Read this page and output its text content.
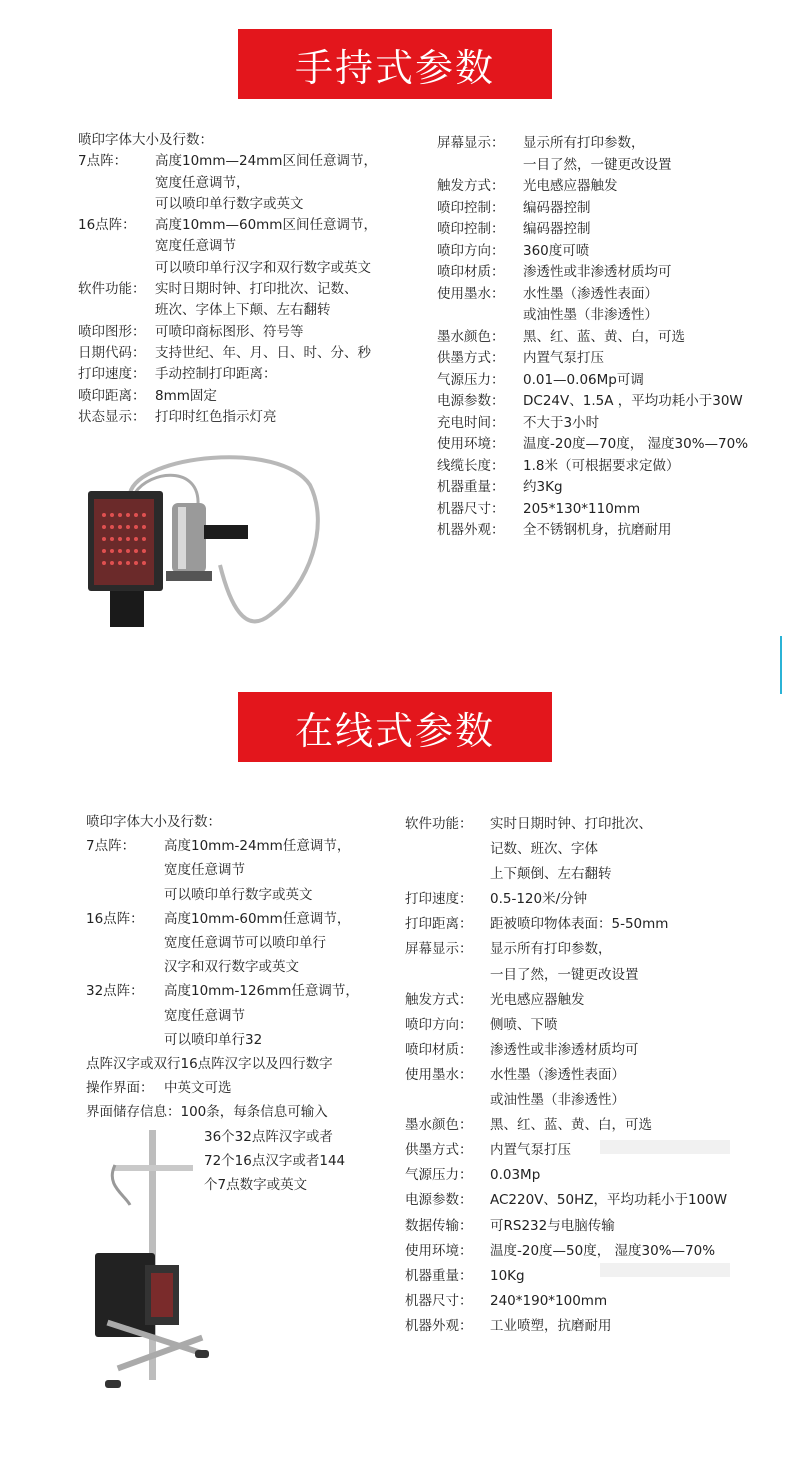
手持式参数
喷印字体大小及行数：
7点阵：	高度10mm—24mm区间任意调节，
宽度任意调节，
可以喷印单行数字或英文
16点阵：	高度10mm—60mm区间任意调节，
宽度任意调节
可以喷印单行汉字和双行数字或英文
软件功能： 实时日期时钟、打印批次、记数、
班次、字体上下颠、左右翻转
喷印图形： 可喷印商标图形、符号等
日期代码： 支持世纪、年、月、日、时、分、秒
打印速度： 手动控制打印距离：
喷印距离： 8mm固定
状态显示： 打印时红色指示灯亮
屏幕显示：	显示所有打印参数，
一目了然，一键更改设置
触发方式：	光电感应器触发
喷印控制：	编码器控制
喷印控制：	编码器控制
喷印方向：	360度可喷
喷印材质：	渗透性或非渗透材质均可
使用墨水：	水性墨（渗透性表面）
或油性墨（非渗透性）
墨水颜色：	黑、红、蓝、黄、白，可选
供墨方式：	内置气泵打压
气源压力：	0.01—0.06Mp可调
电源参数：	DC24V、1.5A ，平均功耗小于30W
充电时间：	不大于3小时
使用环境：	温度-20度—70度， 湿度30%—70%
线缆长度：	1.8米（可根据要求定做）
机器重量：	约3Kg
机器尺寸：	205*130*110mm
机器外观：	全不锈钢机身，抗磨耐用
在线式参数
喷印字体大小及行数：
7点阵：	高度10mm-24mm任意调节，
宽度任意调节
可以喷印单行数字或英文
16点阵：	高度10mm-60mm任意调节，
宽度任意调节可以喷印单行
汉字和双行数字或英文
32点阵：	高度10mm-126mm任意调节，
宽度任意调节
可以喷印单行32
点阵汉字或双行16点阵汉字以及四行数字
操作界面： 中英文可选
界面储存信息： 100条，每条信息可输入
36个32点阵汉字或者
72个16点汉字或者144
个7点数字或英文
软件功能：	实时日期时钟、打印批次、
记数、班次、字体
上下颠倒、左右翻转
打印速度：	0.5-120米/分钟
打印距离：	距被喷印物体表面：5-50mm
屏幕显示：	显示所有打印参数，
一目了然，一键更改设置
触发方式：	光电感应器触发
喷印方向：	侧喷、下喷
喷印材质：	渗透性或非渗透材质均可
使用墨水：	水性墨（渗透性表面）
或油性墨（非渗透性）
墨水颜色：	黑、红、蓝、黄、白，可选
供墨方式：	内置气泵打压
气源压力：	0.03Mp
电源参数：	AC220V、50HZ，平均功耗小于100W
数据传输：	可RS232与电脑传输
使用环境：	温度-20度—50度， 湿度30%—70%
机器重量：	10Kg
机器尺寸：	240*190*100mm
机器外观：	工业喷塑，抗磨耐用
